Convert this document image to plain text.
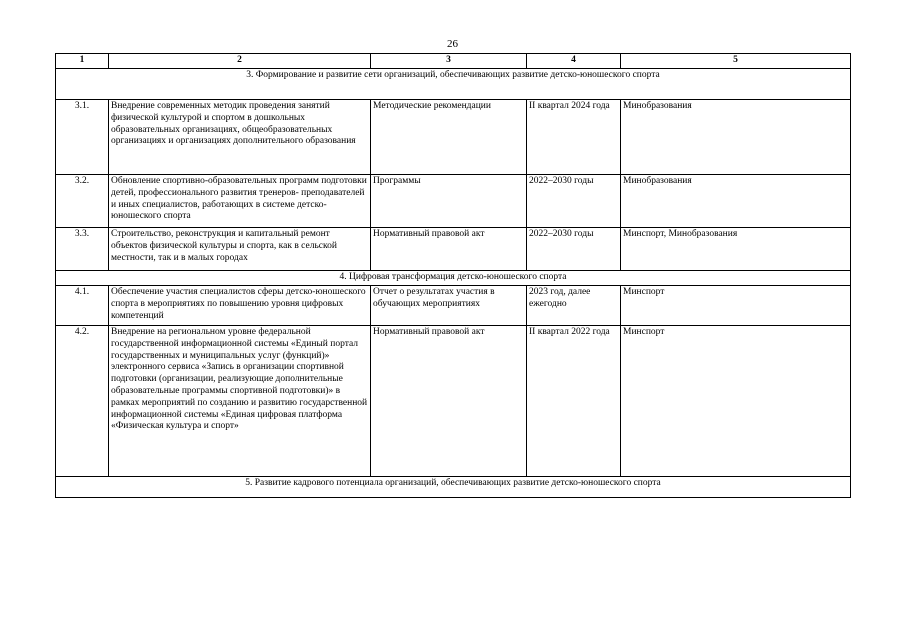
26
1	2	3	4	5
3. Формирование и развитие сети организаций, обеспечивающих развитие детско-юношеского спорта				
3.1.	Внедрение современных методик проведения занятий физической культурой и спортом в дошкольных образовательных организациях, общеобразовательных организациях и организациях дополнительного образования	Методические рекомендации	II квартал 2024 года	Минобразования
3.2.	Обновление спортивно-образовательных программ подготовки детей, профессионального развития тренеров- преподавателей и иных специалистов, работающих в системе детско-юношеского спорта	Программы	2022–2030 годы	Минобразования
3.3.	Строительство, реконструкция и капитальный ремонт объектов физической культуры и спорта, как в сельской местности, так и в малых городах	Нормативный правовой акт	2022–2030 годы	Минспорт, Минобразования
4. Цифровая трансформация детско-юношеского спорта				
4.1.	Обеспечение участия специалистов сферы детско-юношеского спорта в мероприятиях по повышению уровня цифровых компетенций	Отчет о результатах участия в обучающих мероприятиях	2023 год, далее ежегодно	Минспорт
4.2.	Внедрение на региональном уровне федеральной государственной информационной системы «Единый портал государственных и муниципальных услуг (функций)» электронного сервиса «Запись в организации спортивной подготовки (организации, реализующие дополнительные образовательные программы спортивной подготовки)» в рамках мероприятий по созданию и развитию государственной информационной системы «Единая цифровая платформа «Физическая культура и спорт»	Нормативный правовой акт	II квартал 2022 года	Минспорт
5. Развитие кадрового потенциала организаций, обеспечивающих развитие детско-юношеского спорта				
